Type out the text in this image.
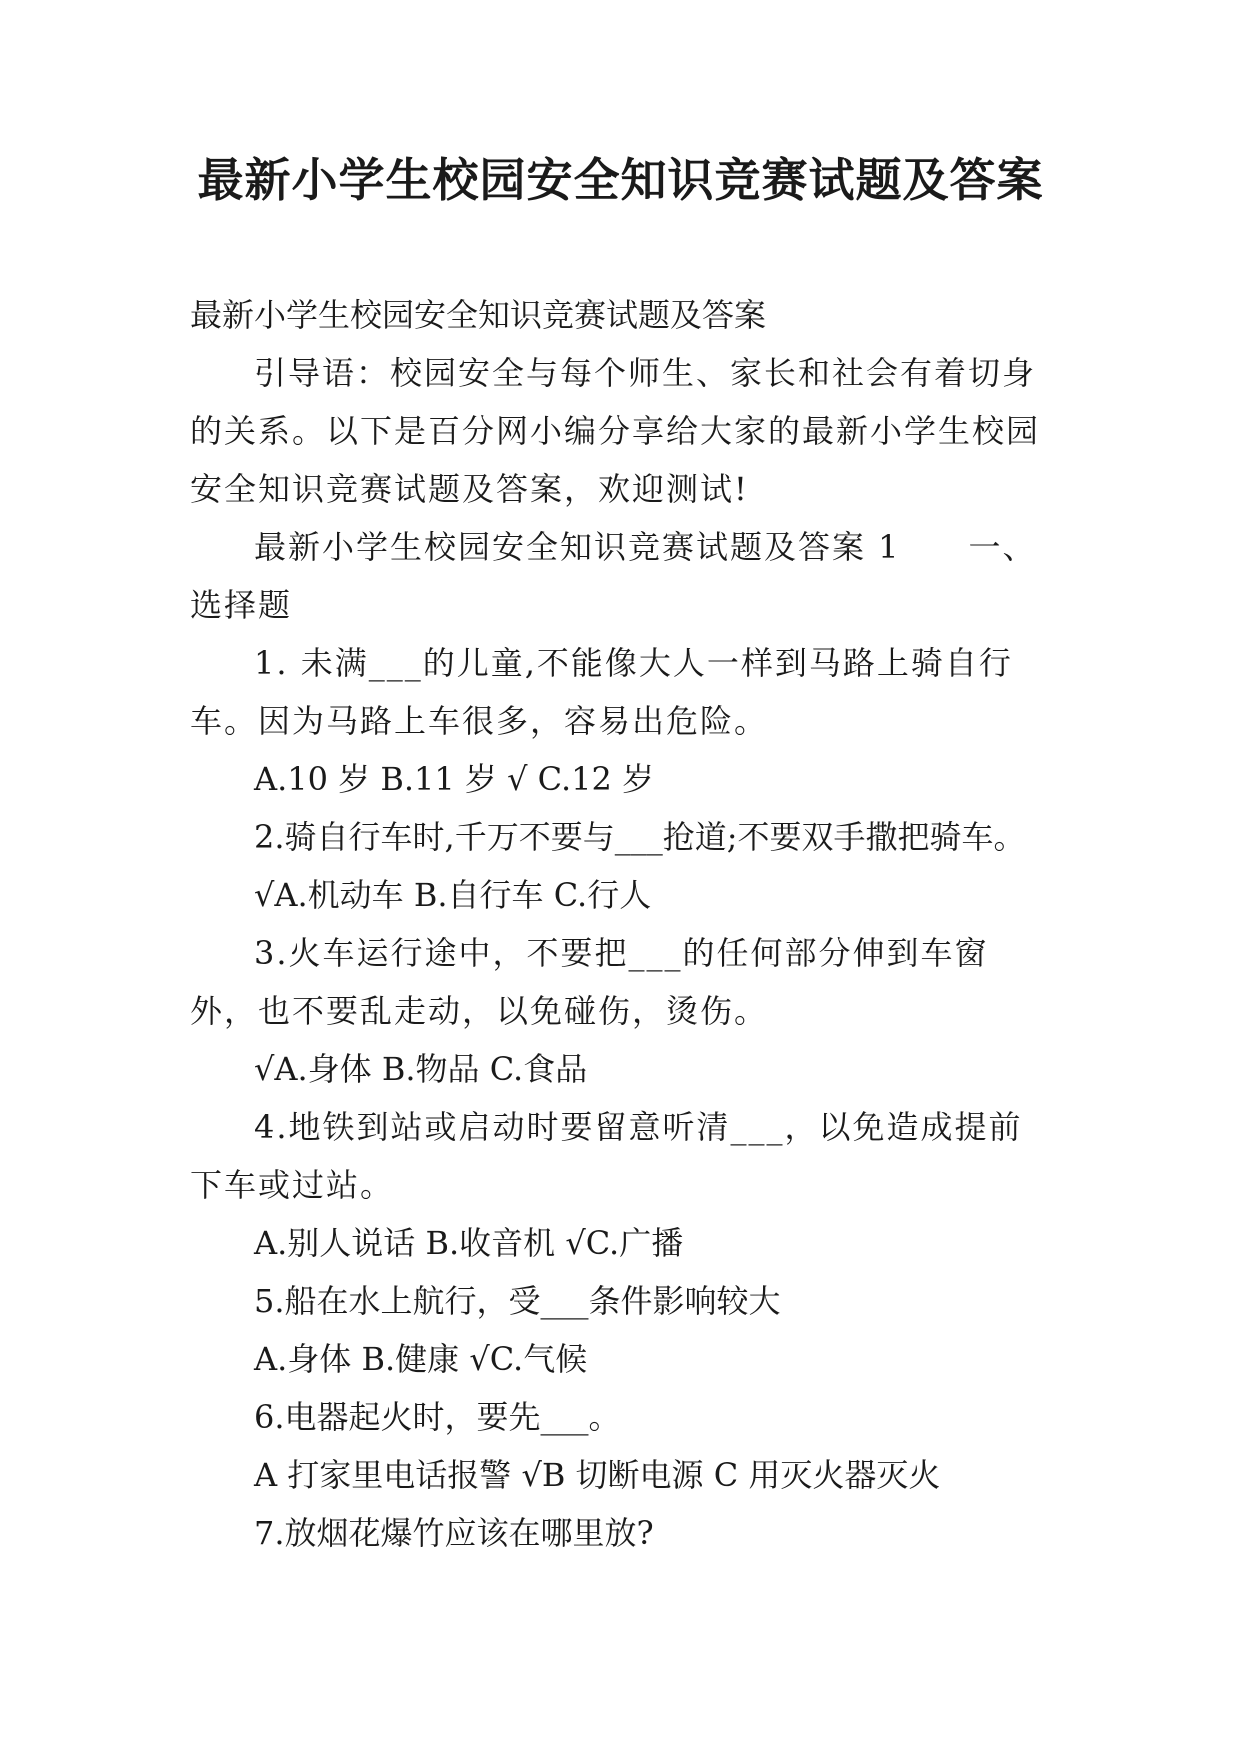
最新小学生校园安全知识竞赛试题及答案

最新小学生校园安全知识竞赛试题及答案

引导语：校园安全与每个师生、家长和社会有着切身的关系。以下是百分网小编分享给大家的最新小学生校园安全知识竞赛试题及答案，欢迎测试!

最新小学生校园安全知识竞赛试题及答案 1　　一、选择题

1. 未满___的儿童,不能像大人一样到马路上骑自行车。因为马路上车很多，容易出危险。

A.10 岁 B.11 岁 √ C.12 岁

2.骑自行车时,千万不要与___抢道;不要双手撒把骑车。

√A.机动车 B.自行车 C.行人

3.火车运行途中，不要把___的任何部分伸到车窗外，也不要乱走动，以免碰伤，烫伤。

√A.身体 B.物品 C.食品

4.地铁到站或启动时要留意听清___，以免造成提前下车或过站。

A.别人说话 B.收音机 √C.广播

5.船在水上航行，受___条件影响较大

A.身体 B.健康 √C.气候

6.电器起火时，要先___。

A 打家里电话报警 √B 切断电源 C 用灭火器灭火

7.放烟花爆竹应该在哪里放?
